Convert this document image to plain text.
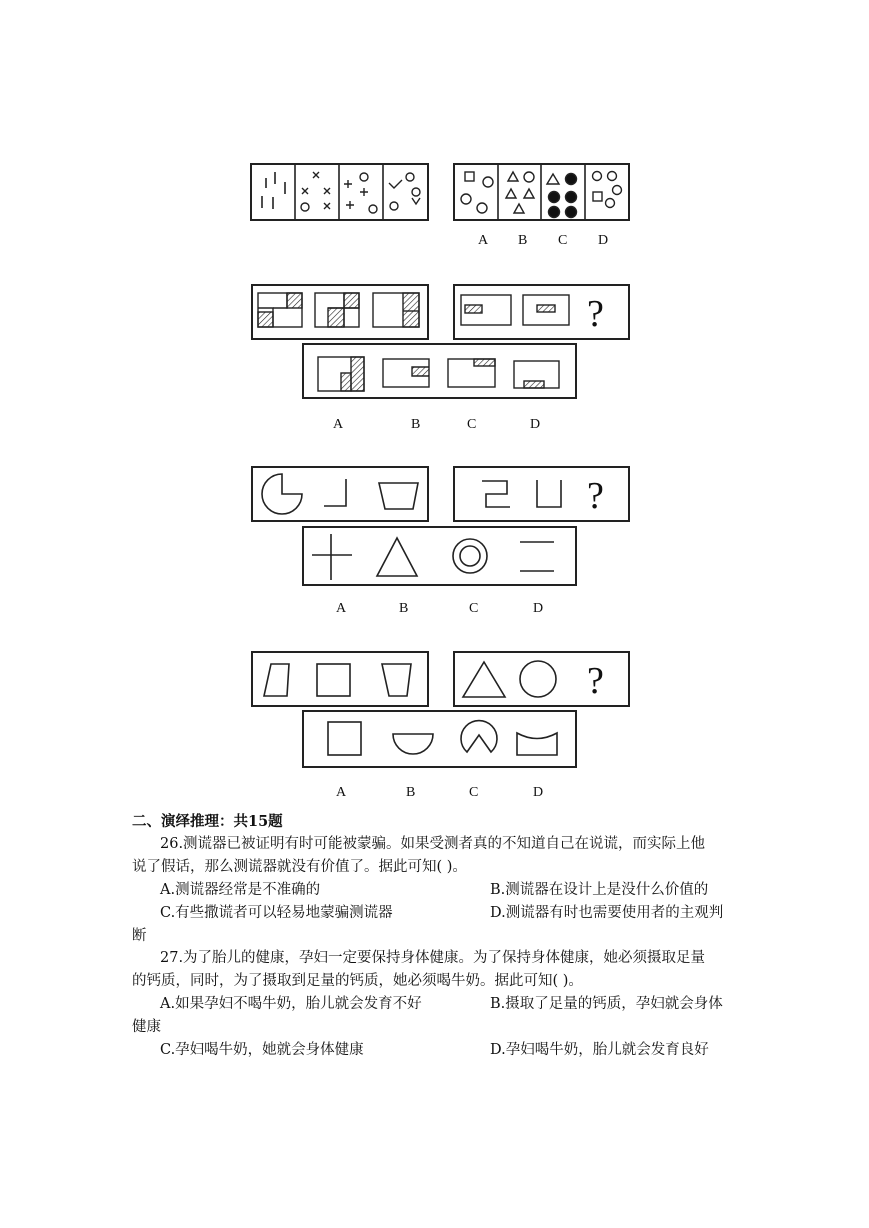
?
?
?
A B C D
A	B	C	D
A	B	C	D
A	B	C	D
二、演绎推理：共15题
26.测谎器已被证明有时可能被蒙骗。如果受测者真的不知道自己在说谎，而实际上他
说了假话，那么测谎器就没有价值了。据此可知( )。
A.测谎器经常是不准确的	B.测谎器在设计上是没什么价值的
C.有些撒谎者可以轻易地蒙骗测谎器	D.测谎器有时也需要使用者的主观判
断
27.为了胎儿的健康，孕妇一定要保持身体健康。为了保持身体健康，她必须摄取足量
的钙质，同时，为了摄取到足量的钙质，她必须喝牛奶。据此可知( )。
A.如果孕妇不喝牛奶，胎儿就会发育不好	B.摄取了足量的钙质，孕妇就会身体
健康
C.孕妇喝牛奶，她就会身体健康	D.孕妇喝牛奶，胎儿就会发育良好
